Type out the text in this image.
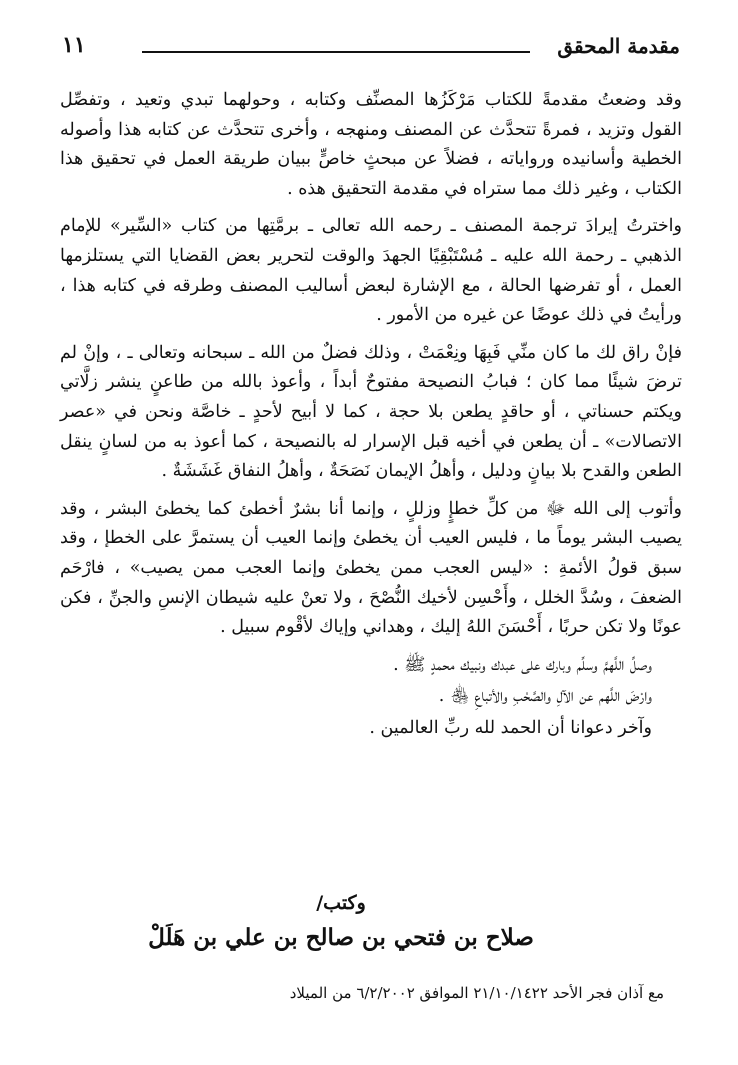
مقدمة المحقق
١١

وقد وضعتُ مقدمةً للكتاب مَرْكَزُها المصنِّف وكتابه ، وحولهما تبدي وتعيد ، وتفصِّل القول وتزيد ، فمرةً تتحدَّث عن المصنف ومنهجه ، وأخرى تتحدَّث عن كتابه هذا وأصوله الخطية وأسانيده ورواياته ، فضلاً عن مبحثٍ خاصٍّ ببيان طريقة العمل في تحقيق هذا الكتاب ، وغير ذلك مما ستراه في مقدمة التحقيق هذه .

واخترتُ إيرادَ ترجمة المصنف ـ رحمه الله تعالى ـ برمَّتِها من كتاب «السِّير» للإمام الذهبي ـ رحمة الله عليه ـ مُسْتَبْقِيًا الجهدَ والوقت لتحرير بعض القضايا التي يستلزمها العمل ، أو تفرضها الحالة ، مع الإشارة لبعض أساليب المصنف وطرقه في كتابه هذا ، ورأيتُ في ذلك عوضًا عن غيره من الأمور .

فإنْ راق لك ما كان منِّي فَبِهَا ونِعْمَتْ ، وذلك فضلٌ من الله ـ سبحانه وتعالى ـ ، وإنْ لم ترضَ شيئًا مما كان ؛ فبابُ النصيحة مفتوحٌ أبداً ، وأعوذ بالله من طاعنٍ ينشر زلَّاتي ويكتم حسناتي ، أو حاقدٍ يطعن بلا حجة ، كما لا أبيح لأحدٍ ـ خاصَّة ونحن في «عصر الاتصالات» ـ أن يطعن في أخيه قبل الإسرار له بالنصيحة ، كما أعوذ به من لسانٍ ينقل الطعن والقدح بلا بيانٍ ودليل ، وأهلُ الإيمان نَصَحَةٌ ، وأهلُ النفاق غَشَشَةٌ .

وأتوب إلى الله ﷻ من كلِّ خطإٍ وزللٍ ، وإنما أنا بشرٌ أخطئ كما يخطئ البشر ، وقد يصيب البشر يوماً ما ، فليس العيب أن يخطئ وإنما العيب أن يستمرَّ على الخطإ ، وقد سبق قولُ الأئمةِ : «ليس العجب ممن يخطئ وإنما العجب ممن يصيب» ، فارْحَم الضعفَ ، وسُدَّ الخلل ، وأَحْسِن لأخيك النُّصْحَ ، ولا تعنْ عليه شيطان الإنسِ والجنِّ ، فكن عونًا ولا تكن حربًا ، أَحْسَنَ اللهُ إليك ، وهداني وإياك لأقْوم سبيل .

وصلِّ اللَّهمَّ وسلِّم وبارك على عبدك ونبيك محمدٍ ﷺ .
وارْضَ اللَّهم عن الآلِ والصَّحْبِ والأتباعِ ﵃ .
وآخر دعوانا أن الحمد لله ربِّ العالمين .
وكتب/
صلاح بن فتحي بن صالح بن علي بن هَلَلْ
مع آذان فجر الأحد ٢١/١٠/١٤٢٢ الموافق ٦/٢/٢٠٠٢ من الميلاد
